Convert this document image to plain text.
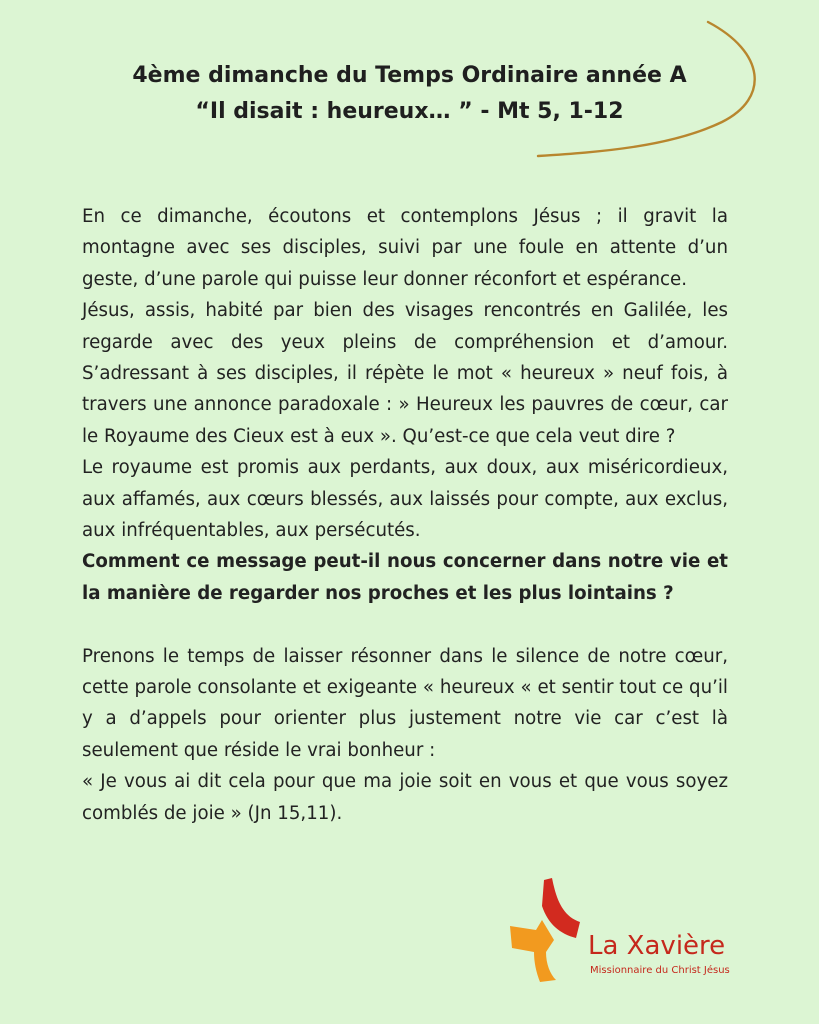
4ème dimanche du Temps Ordinaire année A
“Il disait : heureux… ” - Mt 5, 1-12

En ce dimanche, écoutons et contemplons Jésus ; il gravit la montagne avec ses disciples, suivi par une foule en attente d’un geste, d’une parole qui puisse leur donner réconfort et espérance.

Jésus, assis, habité par bien des visages rencontrés en Galilée, les regarde avec des yeux pleins de compréhension et d’amour. S’adressant à ses disciples, il répète le mot « heureux » neuf fois, à travers une annonce paradoxale : » Heureux les pauvres de cœur, car le Royaume des Cieux est à eux ». Qu’est-ce que cela veut dire ?

Le royaume est promis aux perdants, aux doux, aux miséricordieux, aux affamés, aux cœurs blessés, aux laissés pour compte, aux exclus, aux infréquentables, aux persécutés.

Comment ce message peut-il nous concerner dans notre vie et la manière de regarder nos proches et les plus lointains ?

Prenons le temps de laisser résonner dans le silence de notre cœur, cette parole consolante et exigeante « heureux « et sentir tout ce qu’il y a d’appels pour orienter plus justement notre vie car c’est là seulement que réside le vrai bonheur :

« Je vous ai dit cela pour que ma joie soit en vous et que vous soyez comblés de joie » (Jn 15,11).

La Xavière
Missionnaire du Christ Jésus
